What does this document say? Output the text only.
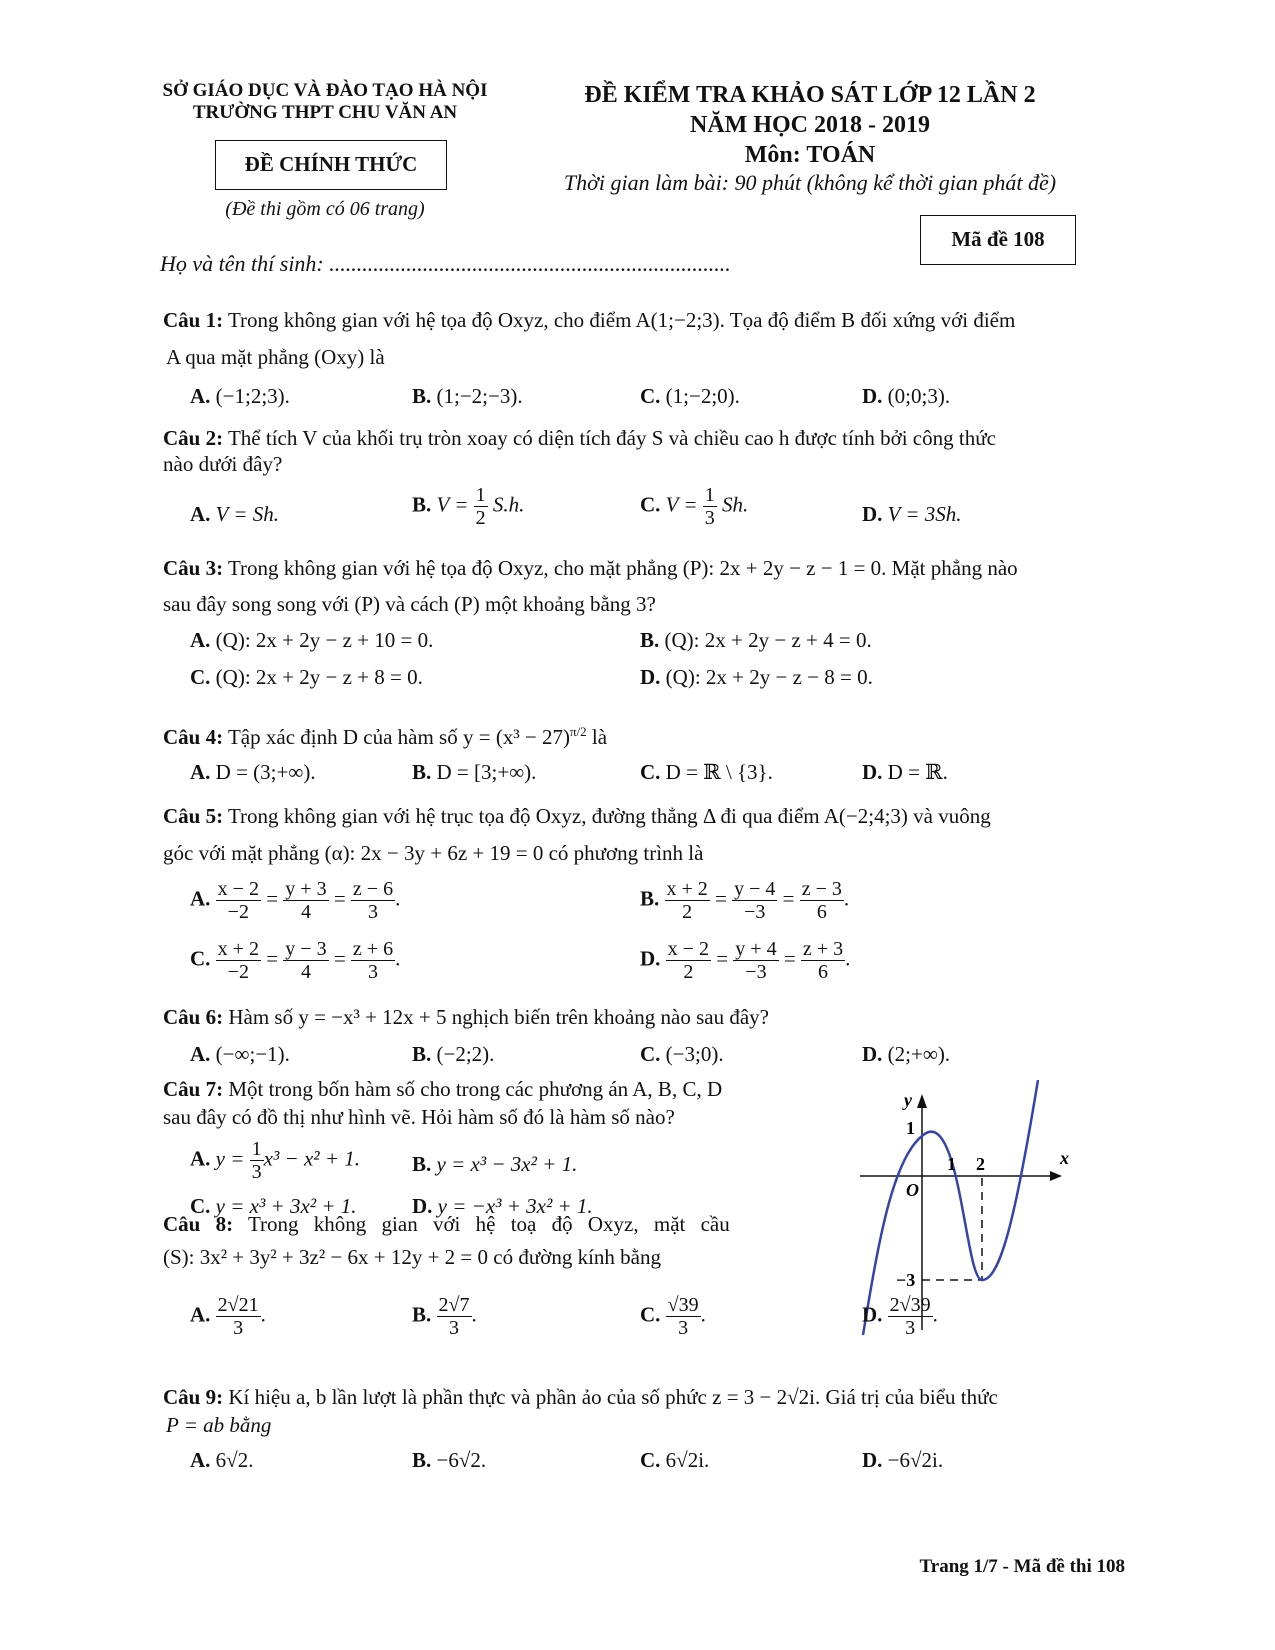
SỞ GIÁO DỤC VÀ ĐÀO TẠO HÀ NỘI
TRƯỜNG THPT CHU VĂN AN
ĐỀ CHÍNH THỨC
(Đề thi gồm có 06 trang)
ĐỀ KIỂM TRA KHẢO SÁT LỚP 12 LẦN 2
NĂM HỌC 2018 - 2019
Môn: TOÁN
Thời gian làm bài: 90 phút (không kể thời gian phát đề)
Mã đề 108
Họ và tên thí sinh: .........................................................................
Câu 1: Trong không gian với hệ tọa độ Oxyz, cho điểm A(1;−2;3). Tọa độ điểm B đối xứng với điểm
A qua mặt phẳng (Oxy) là
A. (−1;2;3).	B. (1;−2;−3).	C. (1;−2;0).	D. (0;0;3).
Câu 2: Thể tích V của khối trụ tròn xoay có diện tích đáy S và chiều cao h được tính bởi công thức
nào dưới đây?
A. V = Sh.	B. $V = \frac{1}{2} S.h$.	C. $V = \frac{1}{3} Sh$.	D. V = 3Sh.
Câu 3: Trong không gian với hệ tọa độ Oxyz, cho mặt phẳng (P): 2x + 2y − z − 1 = 0. Mặt phẳng nào
sau đây song song với (P) và cách (P) một khoảng bằng 3?
A. (Q): 2x + 2y − z + 10 = 0.	B. (Q): 2x + 2y − z + 4 = 0.
C. (Q): 2x + 2y − z + 8 = 0.	D. (Q): 2x + 2y − z − 8 = 0.
Câu 4: Tập xác định D của hàm số $y = (x^3 - 27)^{\pi/2}$ là
A. D = (3;+∞).	B. D = [3;+∞).	C. D = ℝ \ {3}.	D. D = ℝ.
Câu 5: Trong không gian với hệ trục tọa độ Oxyz, đường thẳng Δ đi qua điểm A(−2;4;3) và vuông
góc với mặt phẳng (α): 2x − 3y + 6z + 19 = 0 có phương trình là
A. $\frac{x - 2}{-2} = \frac{y + 3}{4} = \frac{z - 6}{3}$ .	B. $\frac{x + 2}{2} = \frac{y - 4}{-3} = \frac{z - 3}{6}$ .
C. $\frac{x + 2}{-2} = \frac{y - 3}{4} = \frac{z + 6}{3}$ .	D. $\frac{x - 2}{2} = \frac{y + 4}{-3} = \frac{z + 3}{6}$ .
Câu 6: Hàm số y = −x³ + 12x + 5 nghịch biến trên khoảng nào sau đây?
A. (−∞;−1).	B. (−2;2).	C. (−3;0).	D. (2;+∞).
Câu 7: Một trong bốn hàm số cho trong các phương án A, B, C, D
sau đây có đồ thị như hình vẽ. Hỏi hàm số đó là hàm số nào?
A. $y = \frac{1}{3} x^3 - x^2 + 1$. B. y = x³ − 3x² + 1.
C. y = x³ + 3x² + 1.	D. y = −x³ + 3x² + 1.
y
x
O
1 2
1
−3
Câu 8: Trong không gian với hệ toạ độ Oxyz, mặt cầu
(S): 3x² + 3y² + 3z² − 6x + 12y + 2 = 0 có đường kính bằng
A. $\frac{2√21}{3}$ .	B. $\frac{2√7}{3}$ .	C. $\frac{√39}{3}$ .	D. $\frac{2√39}{3}$ .
Câu 9: Kí hiệu a, b lần lượt là phần thực và phần ảo của số phức z = 3 − 2√2i. Giá trị của biểu thức
P = ab bằng
A. 6√2.	B. −6√2.	C. 6√2i.	D. −6√2i.
Trang 1/7 - Mã đề thi 108
